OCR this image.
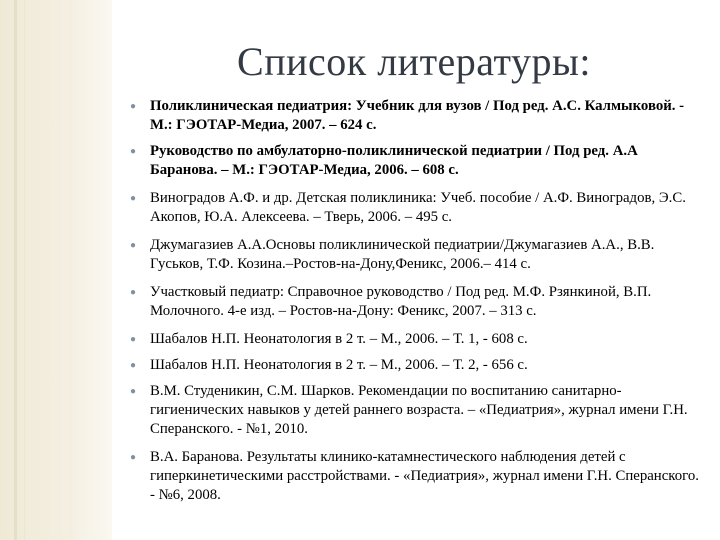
Список литературы:
● Поликлиническая педиатрия: Учебник для вузов / Под ред. А.С. Калмыковой. - М.: ГЭОТАР-Медиа, 2007. – 624 с.
● Руководство по амбулаторно-поликлинической педиатрии / Под ред. А.А Баранова. – М.: ГЭОТАР-Медиа, 2006. – 608 с.
● Виноградов А.Ф. и др. Детская поликлиника: Учеб. пособие / А.Ф. Виноградов, Э.С. Акопов, Ю.А. Алексеева. – Тверь, 2006. – 495 с.
● Джумагазиев А.А.Основы поликлинической педиатрии/Джумагазиев А.А., В.В. Гуськов, Т.Ф. Козина.–Ростов-на-Дону,Феникс, 2006.– 414 с.
● Участковый педиатр: Справочное руководство / Под ред. М.Ф. Рзянкиной, В.П. Молочного. 4-е изд. – Ростов-на-Дону: Феникс, 2007. – 313 с.
● Шабалов Н.П. Неонатология в 2 т. – М., 2006. – Т. 1, - 608 с.
● Шабалов Н.П. Неонатология в 2 т. – М., 2006. – Т. 2, - 656 с.
● В.М. Студеникин, С.М. Шарков. Рекомендации по воспитанию санитарно-гигиенических навыков у детей раннего возраста. – «Педиатрия», журнал имени Г.Н. Сперанского. - №1, 2010.
● В.А. Баранова. Результаты клинико-катамнестического наблюдения детей с гиперкинетическими расстройствами. - «Педиатрия», журнал имени Г.Н. Сперанского. - №6, 2008.
